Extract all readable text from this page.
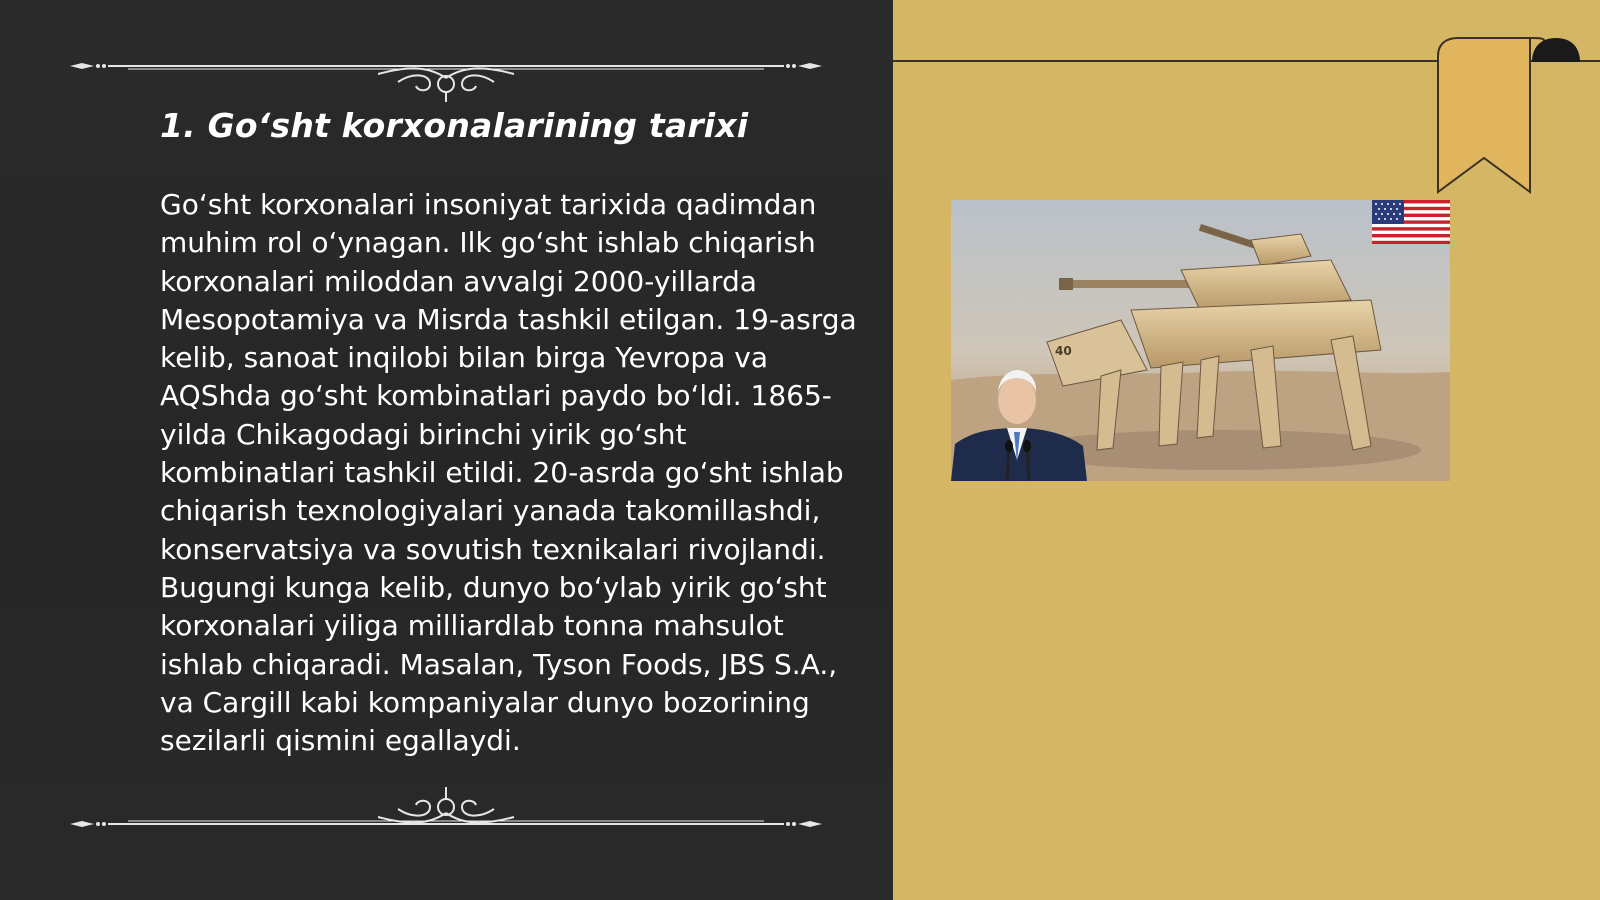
1. Go‘sht korxonalarining tarixi

Go‘sht korxonalari insoniyat tarixida qadimdan muhim rol o‘ynagan. Ilk go‘sht ishlab chiqarish korxonalari miloddan avvalgi 2000-yillarda Mesopotamiya va Misrda tashkil etilgan. 19-asrga kelib, sanoat inqilobi bilan birga Yevropa va AQShda go‘sht kombinatlari paydo bo‘ldi. 1865-yilda Chikagodagi birinchi yirik go‘sht kombinatlari tashkil etildi. 20-asrda go‘sht ishlab chiqarish texnologiyalari yanada takomillashdi, konservatsiya va sovutish texnikalari rivojlandi. Bugungi kunga kelib, dunyo bo‘ylab yirik go‘sht korxonalari yiliga milliardlab tonna mahsulot ishlab chiqaradi. Masalan, Tyson Foods, JBS S.A., va Cargill kabi kompaniyalar dunyo bozorining sezilarli qismini egallaydi.

40
